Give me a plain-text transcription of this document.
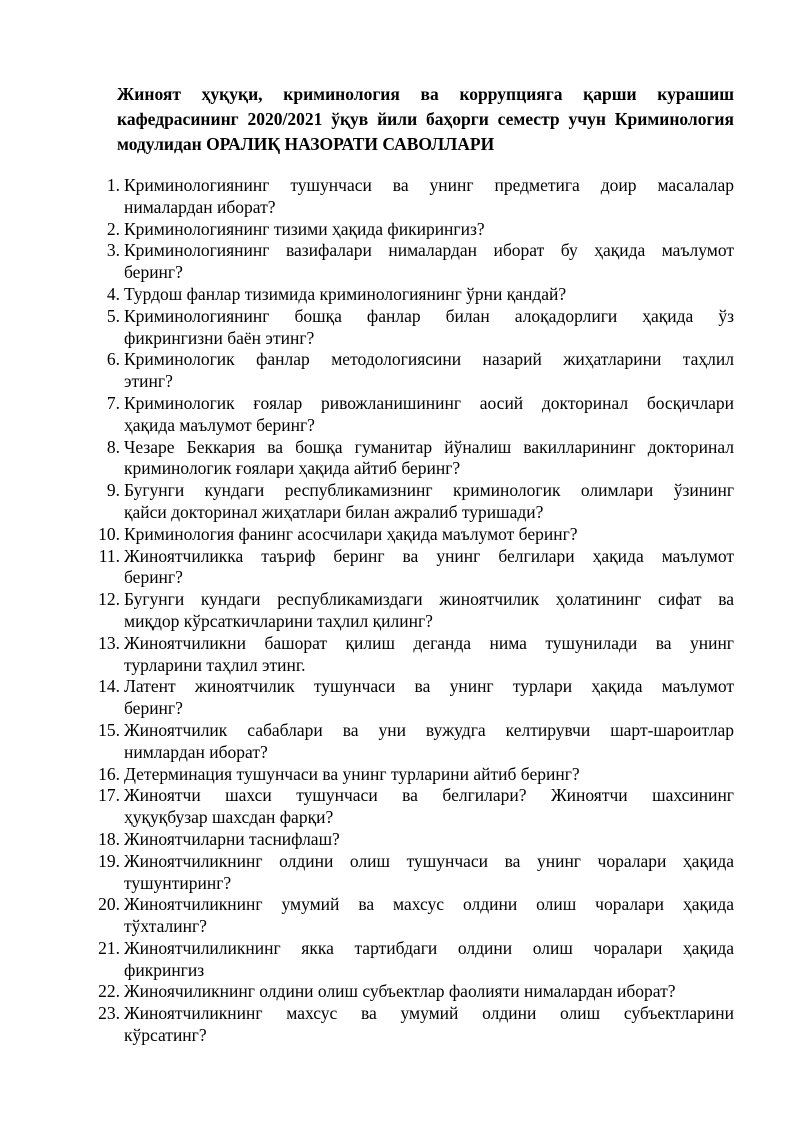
Жиноят ҳуқуқи, криминология ва коррупцияга қарши курашиш
кафедрасининг 2020/2021 ўқув йили баҳорги семестр учун Криминология
модулидан ОРАЛИҚ НАЗОРАТИ САВОЛЛАРИ
1. Криминологиянинг тушунчаси ва унинг предметига доир масалалар
нималардан иборат?
2. Криминологиянинг тизими ҳақида фикирингиз?
3. Криминологиянинг вазифалари нималардан иборат бу ҳақида маълумот
беринг?
4. Турдош фанлар тизимида криминологиянинг ўрни қандай?
5. Криминологиянинг бошқа фанлар билан алоқадорлиги ҳақида ўз
фикрингизни баён этинг?
6. Криминологик фанлар методологиясини назарий жиҳатларини таҳлил
этинг?
7. Криминологик ғоялар ривожланишининг аосий докторинал босқичлари
ҳақида маълумот беринг?
8. Чезаре Беккария ва бошқа гуманитар йўналиш вакилларининг докторинал
криминологик ғоялари ҳақида айтиб беринг?
9. Бугунги кундаги республикамизнинг криминологик олимлари ўзининг
қайси докторинал жиҳатлари билан ажралиб туришади?
10. Криминология фанинг асосчилари ҳақида маълумот беринг?
11. Жиноятчиликка таъриф беринг ва унинг белгилари ҳақида маълумот
беринг?
12. Бугунги кундаги республикамиздаги жиноятчилик ҳолатининг сифат ва
миқдор кўрсаткичларини таҳлил қилинг?
13. Жиноятчиликни башорат қилиш деганда нима тушунилади ва унинг
турларини таҳлил этинг.
14. Латент жиноятчилик тушунчаси ва унинг турлари ҳақида маълумот
беринг?
15. Жиноятчилик сабаблари ва уни вужудга келтирувчи шарт-шароитлар
нимлардан иборат?
16. Детерминация тушунчаси ва унинг турларини айтиб беринг?
17. Жиноятчи шахси тушунчаси ва белгилари? Жиноятчи шахсининг
ҳуқуқбузар шахсдан фарқи?
18. Жиноятчиларни таснифлаш?
19. Жиноятчиликнинг олдини олиш тушунчаси ва унинг чоралари ҳақида
тушунтиринг?
20. Жиноятчиликнинг умумий ва махсус олдини олиш чоралари ҳақида
тўхталинг?
21. Жиноятчилиликнинг якка тартибдаги олдини олиш чоралари ҳақида
фикрингиз
22. Жиноячиликнинг олдини олиш субъектлар фаолияти нималардан иборат?
23. Жиноятчиликнинг махсус ва умумий олдини олиш субъектларини
кўрсатинг?
